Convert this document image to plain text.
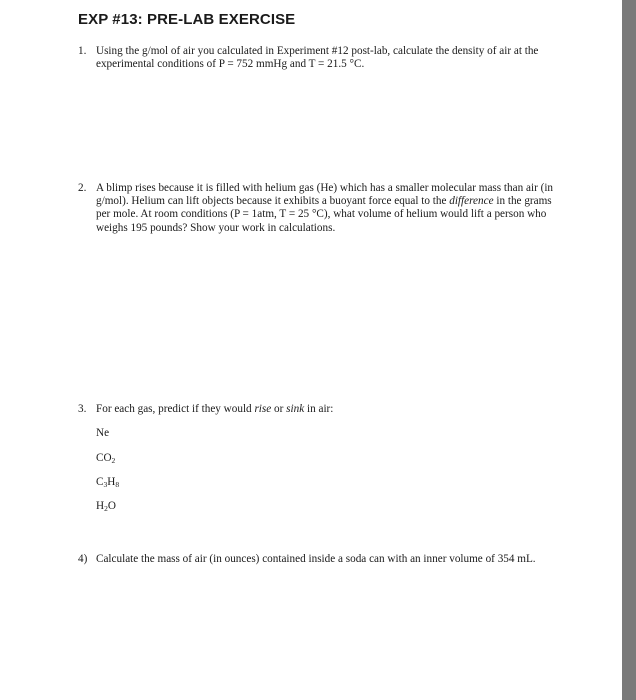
EXP #13: PRE-LAB EXERCISE
1. Using the g/mol of air you calculated in Experiment #12 post-lab, calculate the density of air at the experimental conditions of P = 752 mmHg and T = 21.5 °C.
2. A blimp rises because it is filled with helium gas (He) which has a smaller molecular mass than air (in g/mol). Helium can lift objects because it exhibits a buoyant force equal to the difference in the grams per mole. At room conditions (P = 1atm, T = 25 °C), what volume of helium would lift a person who weighs 195 pounds? Show your work in calculations.
3. For each gas, predict if they would rise or sink in air:
Ne
CO2
C3H8
H2O
4) Calculate the mass of air (in ounces) contained inside a soda can with an inner volume of 354 mL.
